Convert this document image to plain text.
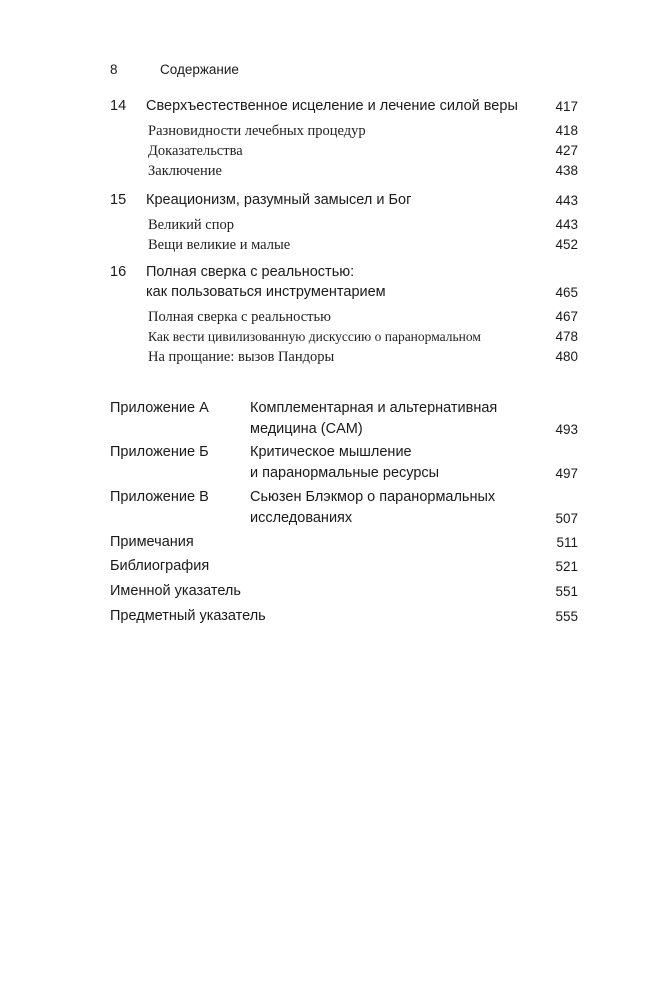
8	Содержание
14 Сверхъестественное исцеление и лечение силой веры	417
Разновидности лечебных процедур	418
Доказательства	427
Заключение	438
15 Креационизм, разумный замысел и Бог	443
Великий спор	443
Вещи великие и малые	452
16 Полная сверка с реальностью:
как пользоваться инструментарием	465
Полная сверка с реальностью	467
Как вести цивилизованную дискуссию о паранормальном	478
На прощание: вызов Пандоры	480
Приложение А	Комплементарная и альтернативная
медицина (CAM)	493
Приложение Б	Критическое мышление
и паранормальные ресурсы	497
Приложение В	Сьюзен Блэкмор о паранормальных
исследованиях	507
Примечания	511
Библиография	521
Именной указатель	551
Предметный указатель	555
